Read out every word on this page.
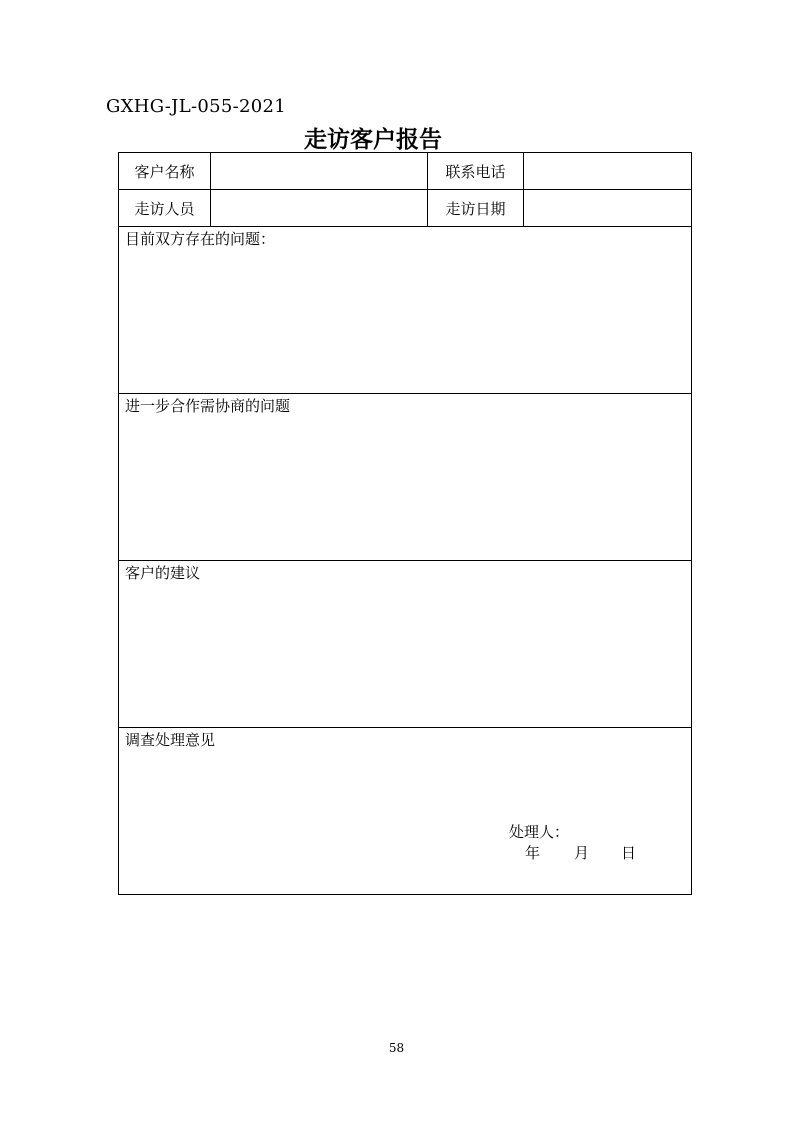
GXHG-JL-055-2021
走访客户报告
客户名称		联系电话	
走访人员		走访日期	

目前双方存在的问题：			

进一步合作需协商的问题			

客户的建议			

调查处理意见
处理人：
年 月 日			
58
